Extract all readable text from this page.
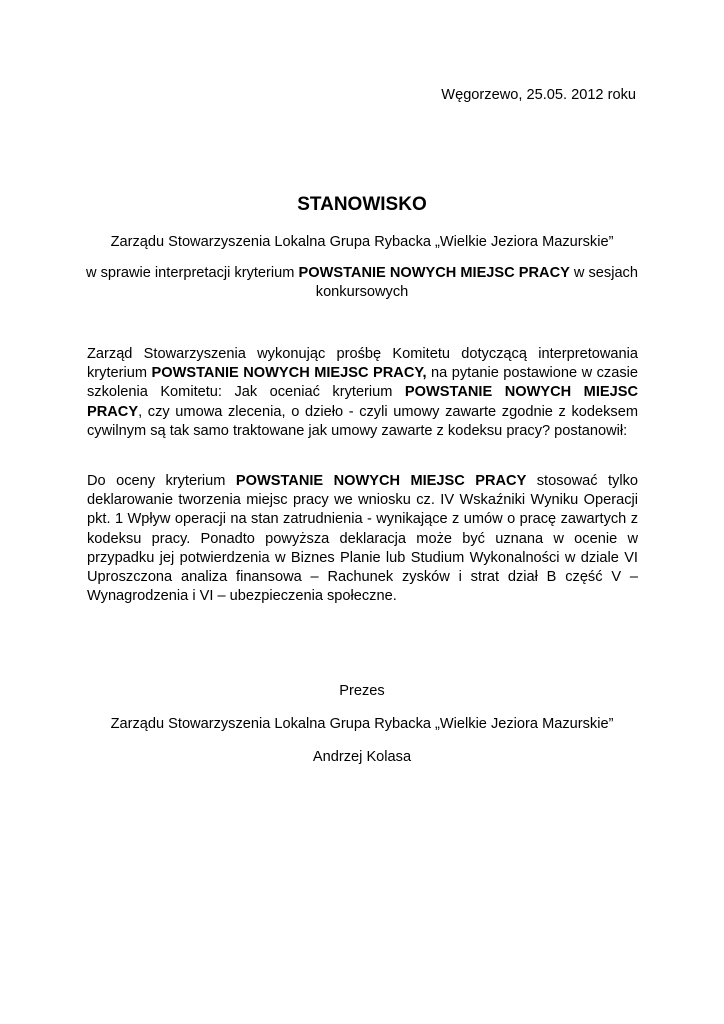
Węgorzewo, 25.05. 2012 roku
STANOWISKO
Zarządu Stowarzyszenia Lokalna Grupa Rybacka „Wielkie Jeziora Mazurskie”
w sprawie interpretacji kryterium POWSTANIE NOWYCH MIEJSC PRACY w sesjach konkursowych

Zarząd Stowarzyszenia wykonując prośbę Komitetu dotyczącą interpretowania kryterium POWSTANIE NOWYCH MIEJSC PRACY, na pytanie postawione w czasie szkolenia Komitetu: Jak oceniać kryterium POWSTANIE NOWYCH MIEJSC PRACY, czy umowa zlecenia, o dzieło - czyli umowy zawarte zgodnie z kodeksem cywilnym są tak samo traktowane jak umowy zawarte z kodeksu pracy? postanowił:

Do oceny kryterium POWSTANIE NOWYCH MIEJSC PRACY stosować tylko deklarowanie tworzenia miejsc pracy we wniosku cz. IV Wskaźniki Wyniku Operacji pkt. 1 Wpływ operacji na stan zatrudnienia - wynikające z umów o pracę zawartych z kodeksu pracy. Ponadto powyższa deklaracja może być uznana w ocenie w przypadku jej potwierdzenia w Biznes Planie lub Studium Wykonalności w dziale VI Uproszczona analiza finansowa – Rachunek zysków i strat dział B część V – Wynagrodzenia i VI – ubezpieczenia społeczne.

Prezes
Zarządu Stowarzyszenia Lokalna Grupa Rybacka „Wielkie Jeziora Mazurskie”
Andrzej Kolasa
